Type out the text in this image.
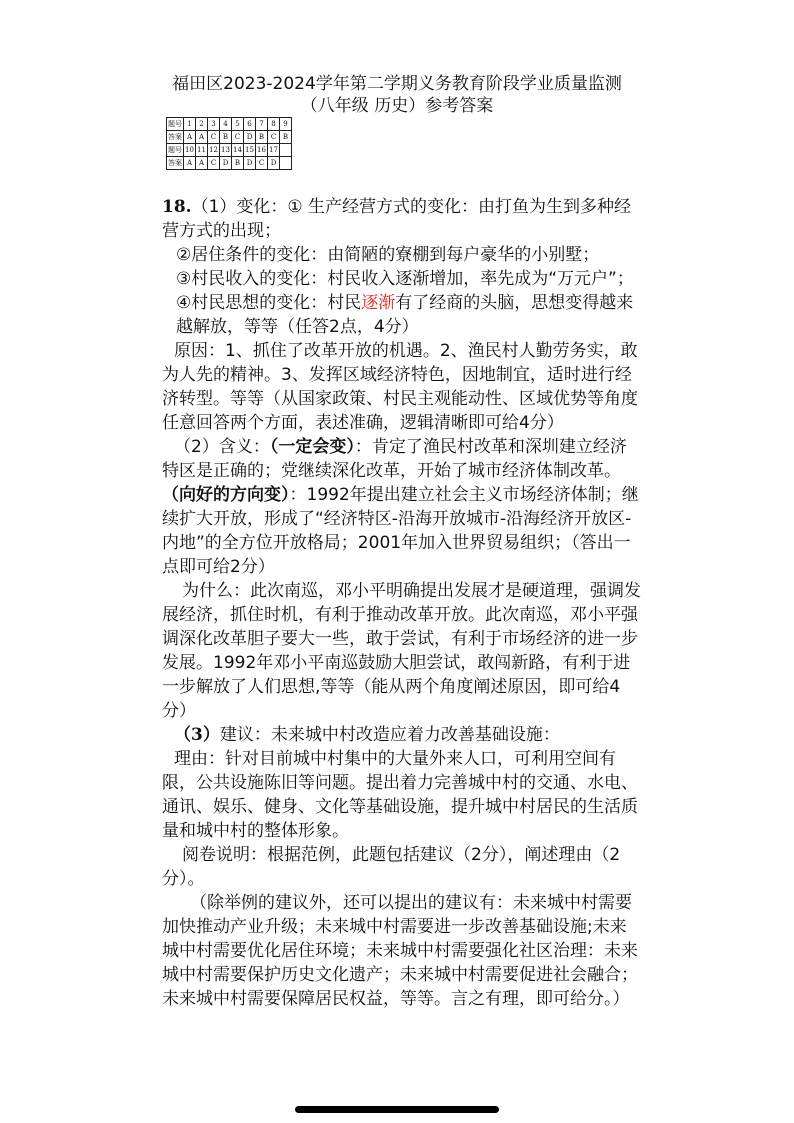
福田区2023-2024学年第二学期义务教育阶段学业质量监测
（八年级 历史）参考答案
题号	1	2	3	4	5	6	7	8	9
答案	A	A	C	B	C	D	B	C	B
题号	10	11	12	13	14	15	16	17	
答案	A	A	C	D	B	D	C	D	

18.（1）变化：① 生产经营方式的变化：由打鱼为生到多种经营方式的出现；

②居住条件的变化：由简陋的寮棚到每户豪华的小别墅；

③村民收入的变化：村民收入逐渐增加，率先成为“万元户”；

④村民思想的变化：村民逐渐有了经商的头脑，思想变得越来越解放，等等（任答2点，4分）

原因：1、抓住了改革开放的机遇。2、渔民村人勤劳务实，敢为人先的精神。3、发挥区域经济特色，因地制宜，适时进行经济转型。等等（从国家政策、村民主观能动性、区域优势等角度任意回答两个方面，表述准确，逻辑清晰即可给4分）

（2）含义：（一定会变）：肯定了渔民村改革和深圳建立经济特区是正确的；党继续深化改革，开始了城市经济体制改革。（向好的方向变）：1992年提出建立社会主义市场经济体制；继续扩大开放，形成了“经济特区-沿海开放城市-沿海经济开放区-内地”的全方位开放格局；2001年加入世界贸易组织；（答出一点即可给2分）

为什么：此次南巡，邓小平明确提出发展才是硬道理，强调发展经济，抓住时机，有利于推动改革开放。此次南巡，邓小平强调深化改革胆子要大一些，敢于尝试，有利于市场经济的进一步发展。1992年邓小平南巡鼓励大胆尝试，敢闯新路，有利于进一步解放了人们思想,等等（能从两个角度阐述原因，即可给4分）

（3）建议：未来城中村改造应着力改善基础设施：

理由：针对目前城中村集中的大量外来人口，可利用空间有限，公共设施陈旧等问题。提出着力完善城中村的交通、水电、通讯、娱乐、健身、文化等基础设施，提升城中村居民的生活质量和城中村的整体形象。

阅卷说明：根据范例，此题包括建议（2分），阐述理由（2分）。

（除举例的建议外，还可以提出的建议有：未来城中村需要加快推动产业升级；未来城中村需要进一步改善基础设施;未来城中村需要优化居住环境；未来城中村需要强化社区治理：未来城中村需要保护历史文化遗产；未来城中村需要促进社会融合；未来城中村需要保障居民权益，等等。言之有理，即可给分。）
